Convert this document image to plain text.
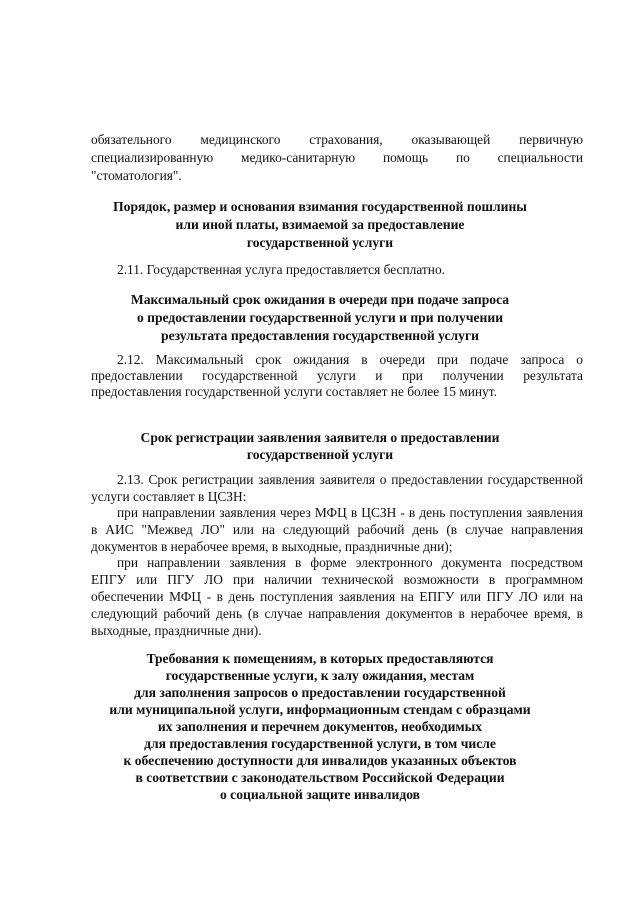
обязательного медицинского страхования, оказывающей первичную
специализированную медико-санитарную помощь по специальности
"стоматология".
Порядок, размер и основания взимания государственной пошлины
или иной платы, взимаемой за предоставление
государственной услуги
2.11. Государственная услуга предоставляется бесплатно.
Максимальный срок ожидания в очереди при подаче запроса
о предоставлении государственной услуги и при получении
результата предоставления государственной услуги
2.12. Максимальный срок ожидания в очереди при подаче запроса о
предоставлении государственной услуги и при получении результата
предоставления государственной услуги составляет не более 15 минут.
Срок регистрации заявления заявителя о предоставлении
государственной услуги
2.13. Срок регистрации заявления заявителя о предоставлении государственной
услуги составляет в ЦСЗН:
при направлении заявления через МФЦ в ЦСЗН - в день поступления заявления
в АИС "Межвед ЛО" или на следующий рабочий день (в случае направления
документов в нерабочее время, в выходные, праздничные дни);
при направлении заявления в форме электронного документа посредством
ЕПГУ или ПГУ ЛО при наличии технической возможности в программном
обеспечении МФЦ - в день поступления заявления на ЕПГУ или ПГУ ЛО или на
следующий рабочий день (в случае направления документов в нерабочее время, в
выходные, праздничные дни).
Требования к помещениям, в которых предоставляются
государственные услуги, к залу ожидания, местам
для заполнения запросов о предоставлении государственной
или муниципальной услуги, информационным стендам с образцами
их заполнения и перечнем документов, необходимых
для предоставления государственной услуги, в том числе
к обеспечению доступности для инвалидов указанных объектов
в соответствии с законодательством Российской Федерации
о социальной защите инвалидов
